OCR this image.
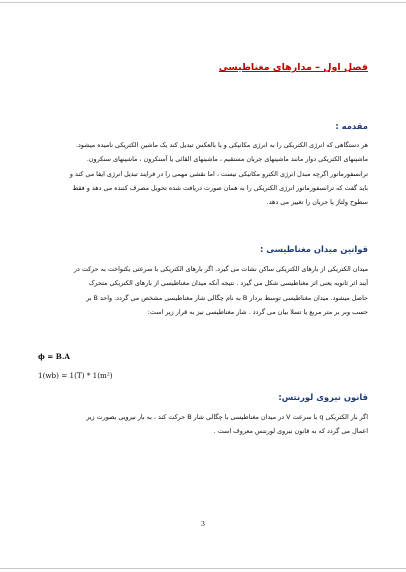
فصل اول – مدارهای مغناطیسی
مقدمه :
هر دستگاهی که انرژی الکتریکی را به انرژی مکانیکی و یا بالعکس تبدیل کند یک ماشین الکتریکی نامیده میشود.
ماشینهای الکتریکی دوار مانند ماشینهای جریان مستقیم ، ماشینهای القائی یا آسنکرون ، ماشینهای سنکرون.
ترانسفورماتور اگرچه مبدل انرژی الکترو مکانیکی نیست ، اما نقشی مهمی را در فرایند تبدیل انرژی ایفا می کند و
باید گفت که ترانسفورماتور انرژی الکتریکی را به همان صورت دریافت شده تحویل مصرف کننده می دهد و فقط
سطوح ولتاژ یا جریان را تغییر می دهد.
قوانین میدان مغناطیسی :
میدان الکتریکی از بارهای الکتریکی ساکن نشات می گیرد. اگر بارهای الکتریکی با سرعتی یکنواخت به حرکت در
آیند اثر ثانویه یعنی اثر مغناطیسی شکل می گیرد . نتیجه آنکه میدان مغناطیسی از بارهای الکتریکی متحرک
حاصل میشود. میدان مغناطیسی توسط بردار B به نام چگالی شار مغناطیسی مشخص می گردد. واحد B بر
حسب وبر بر متر مربع یا تسلا بیان می گردد . شار مغناطیسی نیز به قرار زیر است:
ϕ = B.A
1(wb) = 1(T) * 1(m²)
قانون نیروی لورنتس:
اگر بار الکتریکی q با سرعت V در میدان مغناطیسی با چگالی شار B حرکت کند ، به بار نیرویی بصورت زیر
اعمال می گردد که به قانون نیروی لورنتس معروف است .
3
